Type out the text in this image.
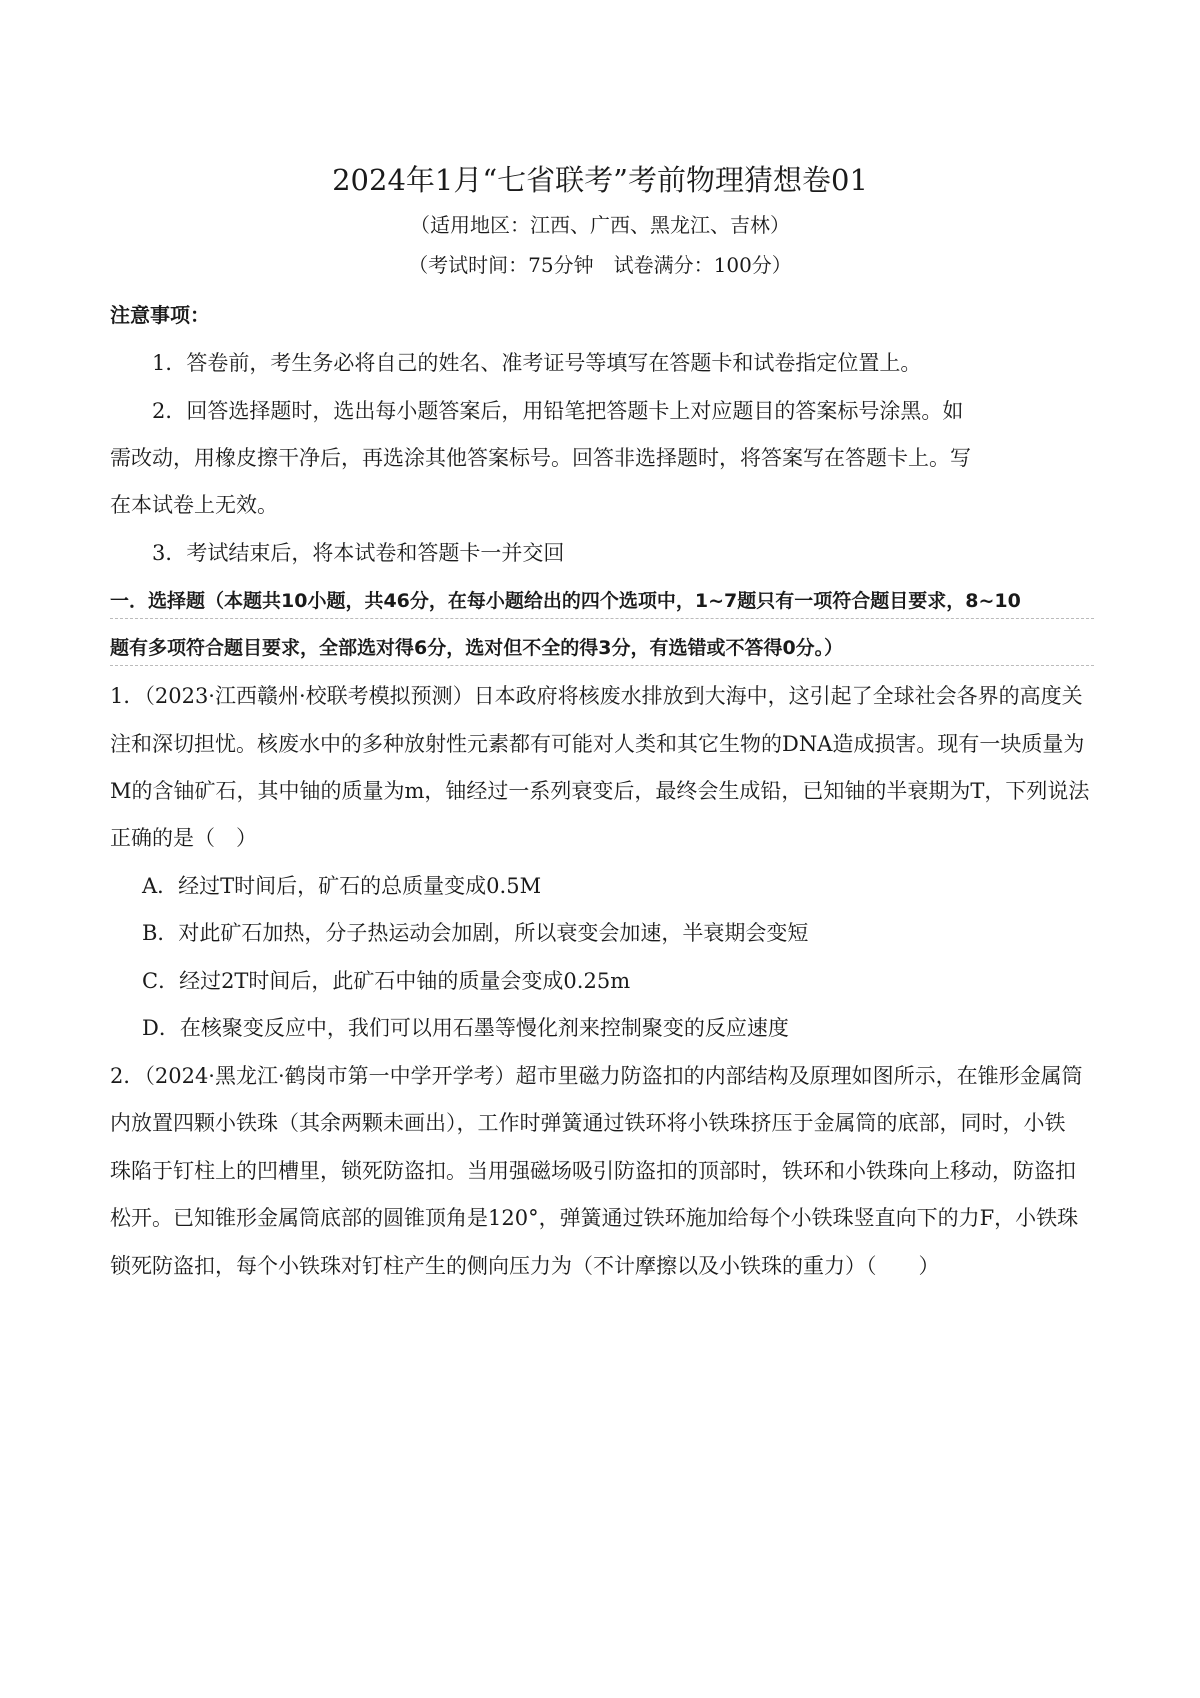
2024年1月“七省联考”考前物理猜想卷01
（适用地区：江西、广西、黑龙江、吉林）
（考试时间：75分钟　试卷满分：100分）
注意事项：
1．答卷前，考生务必将自己的姓名、准考证号等填写在答题卡和试卷指定位置上。
2．回答选择题时，选出每小题答案后，用铅笔把答题卡上对应题目的答案标号涂黑。如
需改动，用橡皮擦干净后，再选涂其他答案标号。回答非选择题时，将答案写在答题卡上。写
在本试卷上无效。
3．考试结束后，将本试卷和答题卡一并交回
一．选择题（本题共10小题，共46分，在每小题给出的四个选项中，1~7题只有一项符合题目要求，8~10
题有多项符合题目要求，全部选对得6分，选对但不全的得3分，有选错或不答得0分。）
1．（2023·江西赣州·校联考模拟预测）日本政府将核废水排放到大海中，这引起了全球社会各界的高度关
注和深切担忧。核废水中的多种放射性元素都有可能对人类和其它生物的DNA造成损害。现有一块质量为
M的含铀矿石，其中铀的质量为m，铀经过一系列衰变后，最终会生成铅，已知铀的半衰期为T，下列说法
正确的是（　）
A．经过T时间后，矿石的总质量变成0.5M
B．对此矿石加热，分子热运动会加剧，所以衰变会加速，半衰期会变短
C．经过2T时间后，此矿石中铀的质量会变成0.25m
D．在核聚变反应中，我们可以用石墨等慢化剂来控制聚变的反应速度
2．（2024·黑龙江·鹤岗市第一中学开学考）超市里磁力防盗扣的内部结构及原理如图所示，在锥形金属筒
内放置四颗小铁珠（其余两颗未画出），工作时弹簧通过铁环将小铁珠挤压于金属筒的底部，同时，小铁
珠陷于钉柱上的凹槽里，锁死防盗扣。当用强磁场吸引防盗扣的顶部时，铁环和小铁珠向上移动，防盗扣
松开。已知锥形金属筒底部的圆锥顶角是120°，弹簧通过铁环施加给每个小铁珠竖直向下的力F，小铁珠
锁死防盗扣，每个小铁珠对钉柱产生的侧向压力为（不计摩擦以及小铁珠的重力）（　　）
